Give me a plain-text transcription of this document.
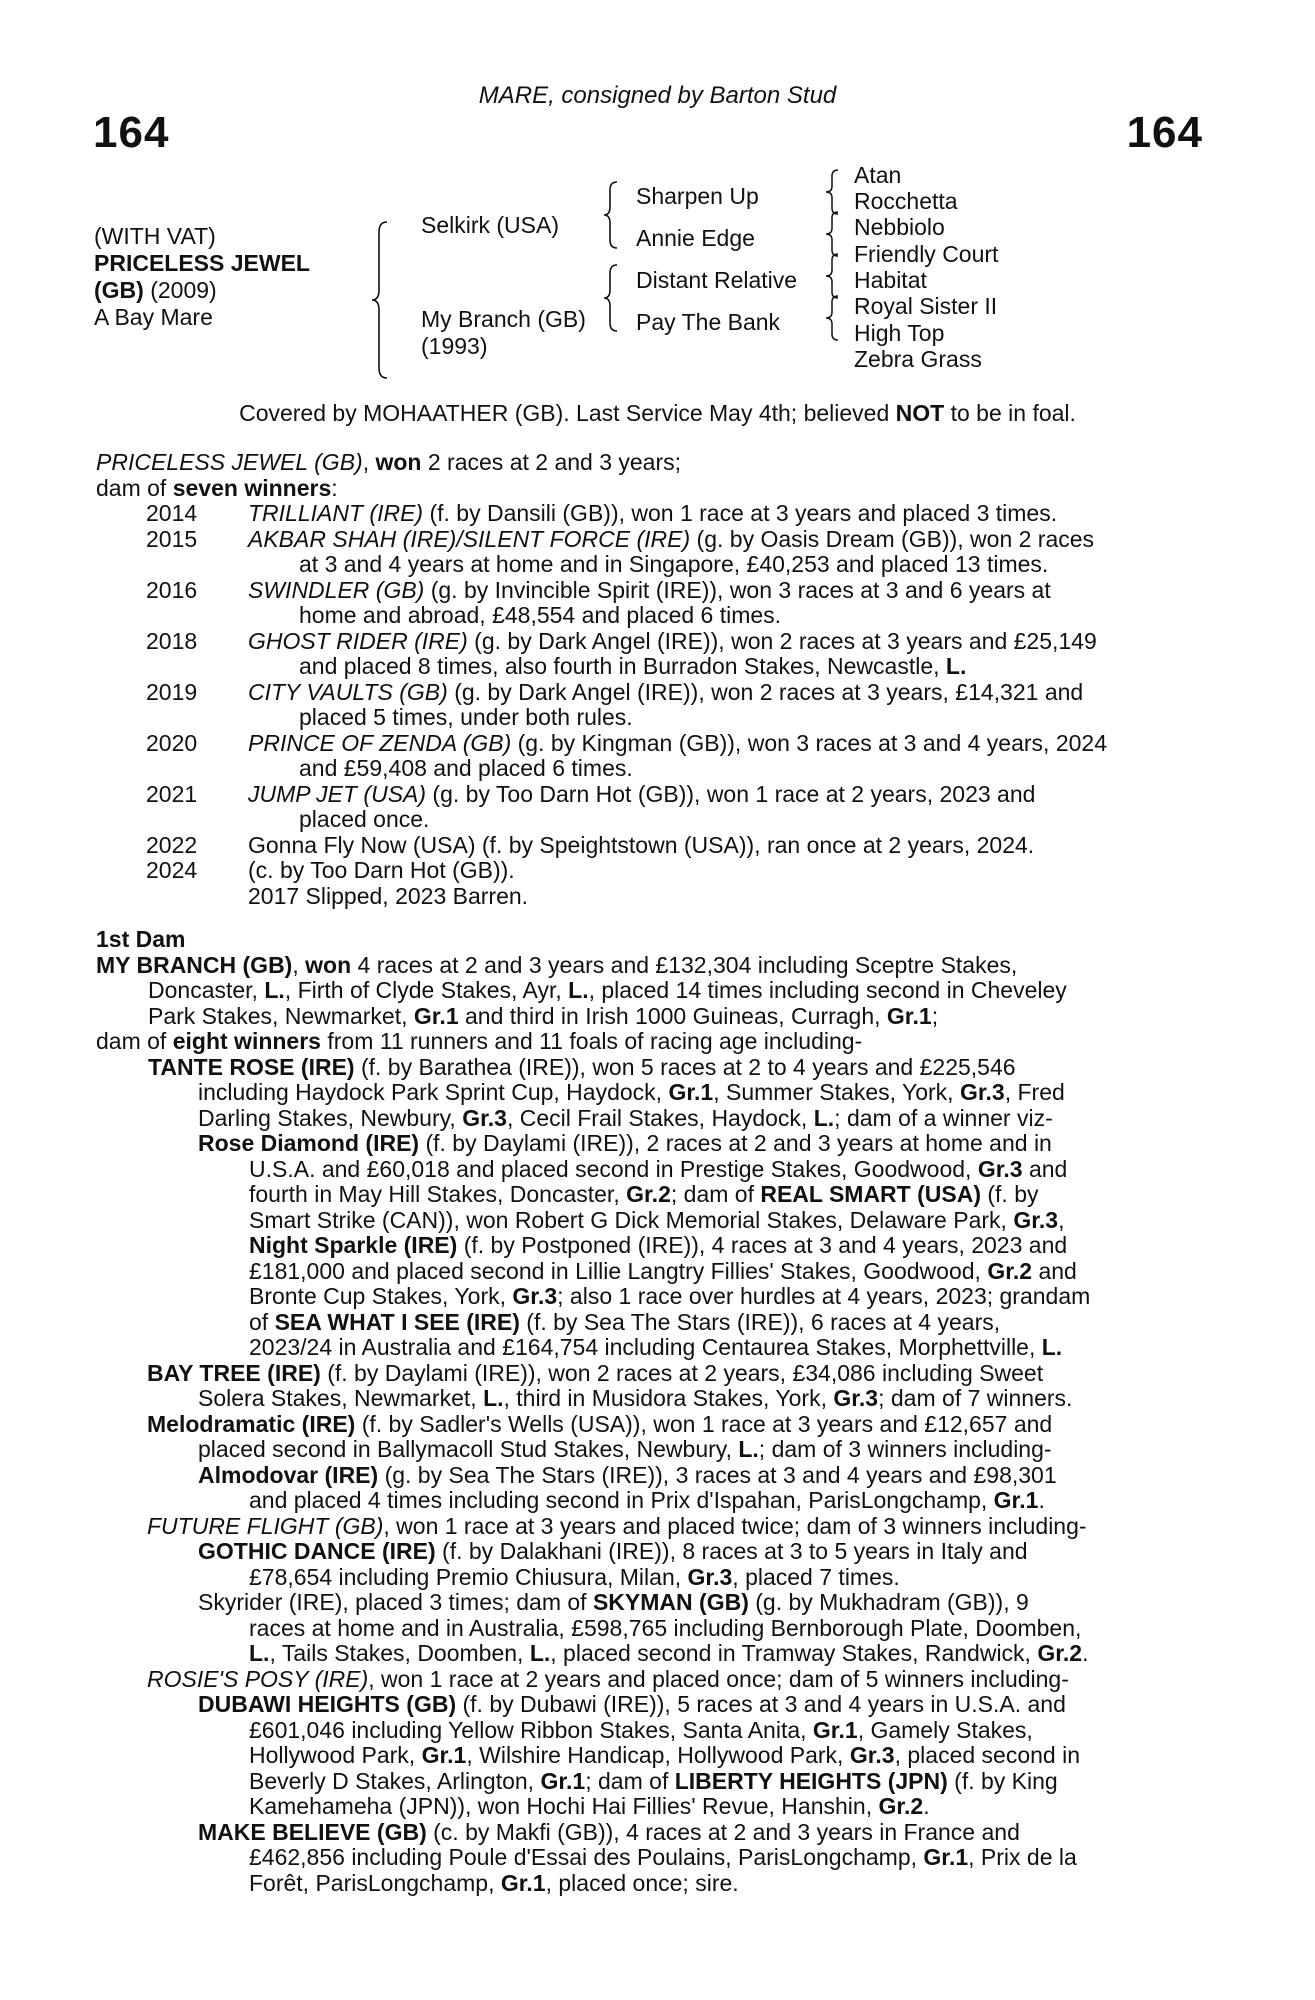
164
MARE, consigned by Barton Stud
164
(WITH VAT)
PRICELESS JEWEL
(GB) (2009)
A Bay Mare
Selkirk (USA)
My Branch (GB)
(1993)
Sharpen Up
Annie Edge
Distant Relative
Pay The Bank
Atan
Rocchetta
Nebbiolo
Friendly Court
Habitat
Royal Sister II
High Top
Zebra Grass
Covered by MOHAATHER (GB). Last Service May 4th; believed NOT to be in foal.
PRICELESS JEWEL (GB), won 2 races at 2 and 3 years;
dam of seven winners:
2014 TRILLIANT (IRE) (f. by Dansili (GB)), won 1 race at 3 years and placed 3 times.
2015 AKBAR SHAH (IRE)/SILENT FORCE (IRE) (g. by Oasis Dream (GB)), won 2 races
at 3 and 4 years at home and in Singapore, £40,253 and placed 13 times.
2016 SWINDLER (GB) (g. by Invincible Spirit (IRE)), won 3 races at 3 and 6 years at
home and abroad, £48,554 and placed 6 times.
2018 GHOST RIDER (IRE) (g. by Dark Angel (IRE)), won 2 races at 3 years and £25,149
and placed 8 times, also fourth in Burradon Stakes, Newcastle, L.
2019 CITY VAULTS (GB) (g. by Dark Angel (IRE)), won 2 races at 3 years, £14,321 and
placed 5 times, under both rules.
2020 PRINCE OF ZENDA (GB) (g. by Kingman (GB)), won 3 races at 3 and 4 years, 2024
and £59,408 and placed 6 times.
2021 JUMP JET (USA) (g. by Too Darn Hot (GB)), won 1 race at 2 years, 2023 and
placed once.
2022 Gonna Fly Now (USA) (f. by Speightstown (USA)), ran once at 2 years, 2024.
2024 (c. by Too Darn Hot (GB)).
2017 Slipped, 2023 Barren.
1st Dam
MY BRANCH (GB), won 4 races at 2 and 3 years and £132,304 including Sceptre Stakes,
Doncaster, L., Firth of Clyde Stakes, Ayr, L., placed 14 times including second in Cheveley
Park Stakes, Newmarket, Gr.1 and third in Irish 1000 Guineas, Curragh, Gr.1;
dam of eight winners from 11 runners and 11 foals of racing age including-
TANTE ROSE (IRE) (f. by Barathea (IRE)), won 5 races at 2 to 4 years and £225,546
including Haydock Park Sprint Cup, Haydock, Gr.1, Summer Stakes, York, Gr.3, Fred
Darling Stakes, Newbury, Gr.3, Cecil Frail Stakes, Haydock, L.; dam of a winner viz-
Rose Diamond (IRE) (f. by Daylami (IRE)), 2 races at 2 and 3 years at home and in
U.S.A. and £60,018 and placed second in Prestige Stakes, Goodwood, Gr.3 and
fourth in May Hill Stakes, Doncaster, Gr.2; dam of REAL SMART (USA) (f. by
Smart Strike (CAN)), won Robert G Dick Memorial Stakes, Delaware Park, Gr.3,
Night Sparkle (IRE) (f. by Postponed (IRE)), 4 races at 3 and 4 years, 2023 and
£181,000 and placed second in Lillie Langtry Fillies' Stakes, Goodwood, Gr.2 and
Bronte Cup Stakes, York, Gr.3; also 1 race over hurdles at 4 years, 2023; grandam
of SEA WHAT I SEE (IRE) (f. by Sea The Stars (IRE)), 6 races at 4 years,
2023/24 in Australia and £164,754 including Centaurea Stakes, Morphettville, L.
BAY TREE (IRE) (f. by Daylami (IRE)), won 2 races at 2 years, £34,086 including Sweet
Solera Stakes, Newmarket, L., third in Musidora Stakes, York, Gr.3; dam of 7 winners.
Melodramatic (IRE) (f. by Sadler's Wells (USA)), won 1 race at 3 years and £12,657 and
placed second in Ballymacoll Stud Stakes, Newbury, L.; dam of 3 winners including-
Almodovar (IRE) (g. by Sea The Stars (IRE)), 3 races at 3 and 4 years and £98,301
and placed 4 times including second in Prix d'Ispahan, ParisLongchamp, Gr.1.
FUTURE FLIGHT (GB), won 1 race at 3 years and placed twice; dam of 3 winners including-
GOTHIC DANCE (IRE) (f. by Dalakhani (IRE)), 8 races at 3 to 5 years in Italy and
£78,654 including Premio Chiusura, Milan, Gr.3, placed 7 times.
Skyrider (IRE), placed 3 times; dam of SKYMAN (GB) (g. by Mukhadram (GB)), 9
races at home and in Australia, £598,765 including Bernborough Plate, Doomben,
L., Tails Stakes, Doomben, L., placed second in Tramway Stakes, Randwick, Gr.2.
ROSIE'S POSY (IRE), won 1 race at 2 years and placed once; dam of 5 winners including-
DUBAWI HEIGHTS (GB) (f. by Dubawi (IRE)), 5 races at 3 and 4 years in U.S.A. and
£601,046 including Yellow Ribbon Stakes, Santa Anita, Gr.1, Gamely Stakes,
Hollywood Park, Gr.1, Wilshire Handicap, Hollywood Park, Gr.3, placed second in
Beverly D Stakes, Arlington, Gr.1; dam of LIBERTY HEIGHTS (JPN) (f. by King
Kamehameha (JPN)), won Hochi Hai Fillies' Revue, Hanshin, Gr.2.
MAKE BELIEVE (GB) (c. by Makfi (GB)), 4 races at 2 and 3 years in France and
£462,856 including Poule d'Essai des Poulains, ParisLongchamp, Gr.1, Prix de la
Forêt, ParisLongchamp, Gr.1, placed once; sire.
